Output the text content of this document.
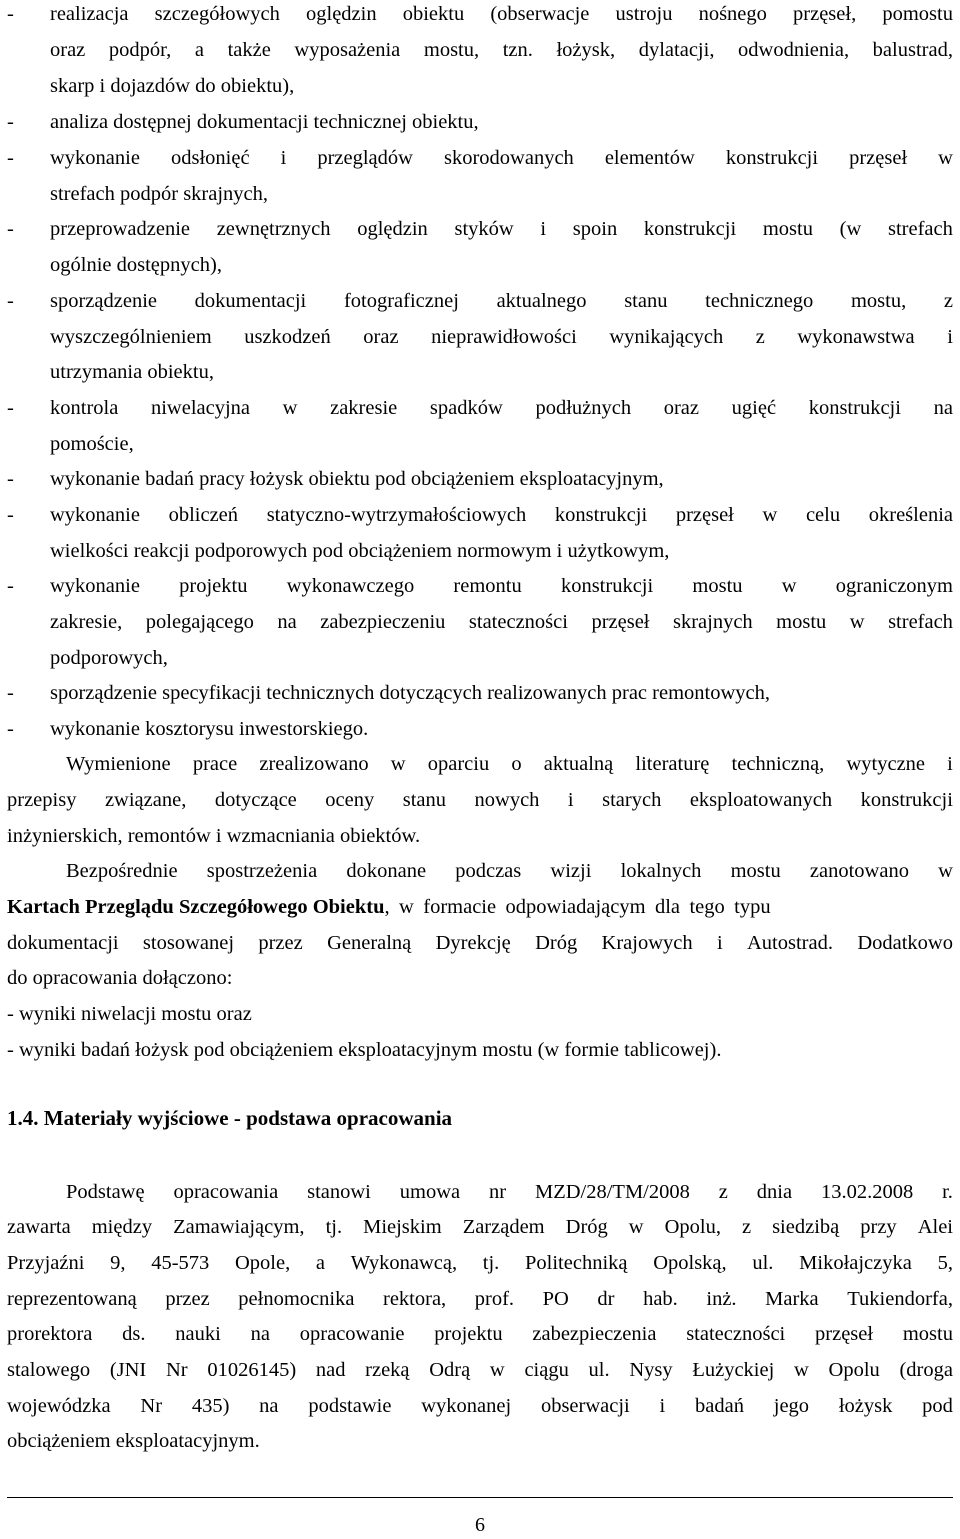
- realizacja szczegółowych oględzin obiektu (obserwacje ustroju nośnego przęseł, pomostu
oraz podpór, a także wyposażenia mostu, tzn. łożysk, dylatacji, odwodnienia, balustrad,
skarp i dojazdów do obiektu),
- analiza dostępnej dokumentacji technicznej obiektu,
- wykonanie odsłonięć i przeglądów skorodowanych elementów konstrukcji przęseł w
strefach podpór skrajnych,
- przeprowadzenie zewnętrznych oględzin styków i spoin konstrukcji mostu (w strefach
ogólnie dostępnych),
- sporządzenie dokumentacji fotograficznej aktualnego stanu technicznego mostu, z
wyszczególnieniem uszkodzeń oraz nieprawidłowości wynikających z wykonawstwa i
utrzymania obiektu,
- kontrola niwelacyjna w zakresie spadków podłużnych oraz ugięć konstrukcji na
pomoście,
- wykonanie badań pracy łożysk obiektu pod obciążeniem eksploatacyjnym,
- wykonanie obliczeń statyczno-wytrzymałościowych konstrukcji przęseł w celu określenia
wielkości reakcji podporowych pod obciążeniem normowym i użytkowym,
- wykonanie projektu wykonawczego remontu konstrukcji mostu w ograniczonym
zakresie, polegającego na zabezpieczeniu stateczności przęseł skrajnych mostu w strefach
podporowych,
- sporządzenie specyfikacji technicznych dotyczących realizowanych prac remontowych,
- wykonanie kosztorysu inwestorskiego.
Wymienione prace zrealizowano w oparciu o aktualną literaturę techniczną, wytyczne i
przepisy związane, dotyczące oceny stanu nowych i starych eksploatowanych konstrukcji
inżynierskich, remontów i wzmacniania obiektów.
Bezpośrednie spostrzeżenia dokonane podczas wizji lokalnych mostu zanotowano w
Kartach Przeglądu Szczegółowego Obiektu, w formacie odpowiadającym dla tego typu
dokumentacji stosowanej przez Generalną Dyrekcję Dróg Krajowych i Autostrad. Dodatkowo
do opracowania dołączono:
- wyniki niwelacji mostu oraz
- wyniki badań łożysk pod obciążeniem eksploatacyjnym mostu (w formie tablicowej).
1.4. Materiały wyjściowe - podstawa opracowania
Podstawę opracowania stanowi umowa nr MZD/28/TM/2008 z dnia 13.02.2008 r.
zawarta między Zamawiającym, tj. Miejskim Zarządem Dróg w Opolu, z siedzibą przy Alei
Przyjaźni 9, 45-573 Opole, a Wykonawcą, tj. Politechniką Opolską, ul. Mikołajczyka 5,
reprezentowaną przez pełnomocnika rektora, prof. PO dr hab. inż. Marka Tukiendorfa,
prorektora ds. nauki na opracowanie projektu zabezpieczenia stateczności przęseł mostu
stalowego (JNI Nr 01026145) nad rzeką Odrą w ciągu ul. Nysy Łużyckiej w Opolu (droga
wojewódzka Nr 435) na podstawie wykonanej obserwacji i badań jego łożysk pod
obciążeniem eksploatacyjnym.
6
